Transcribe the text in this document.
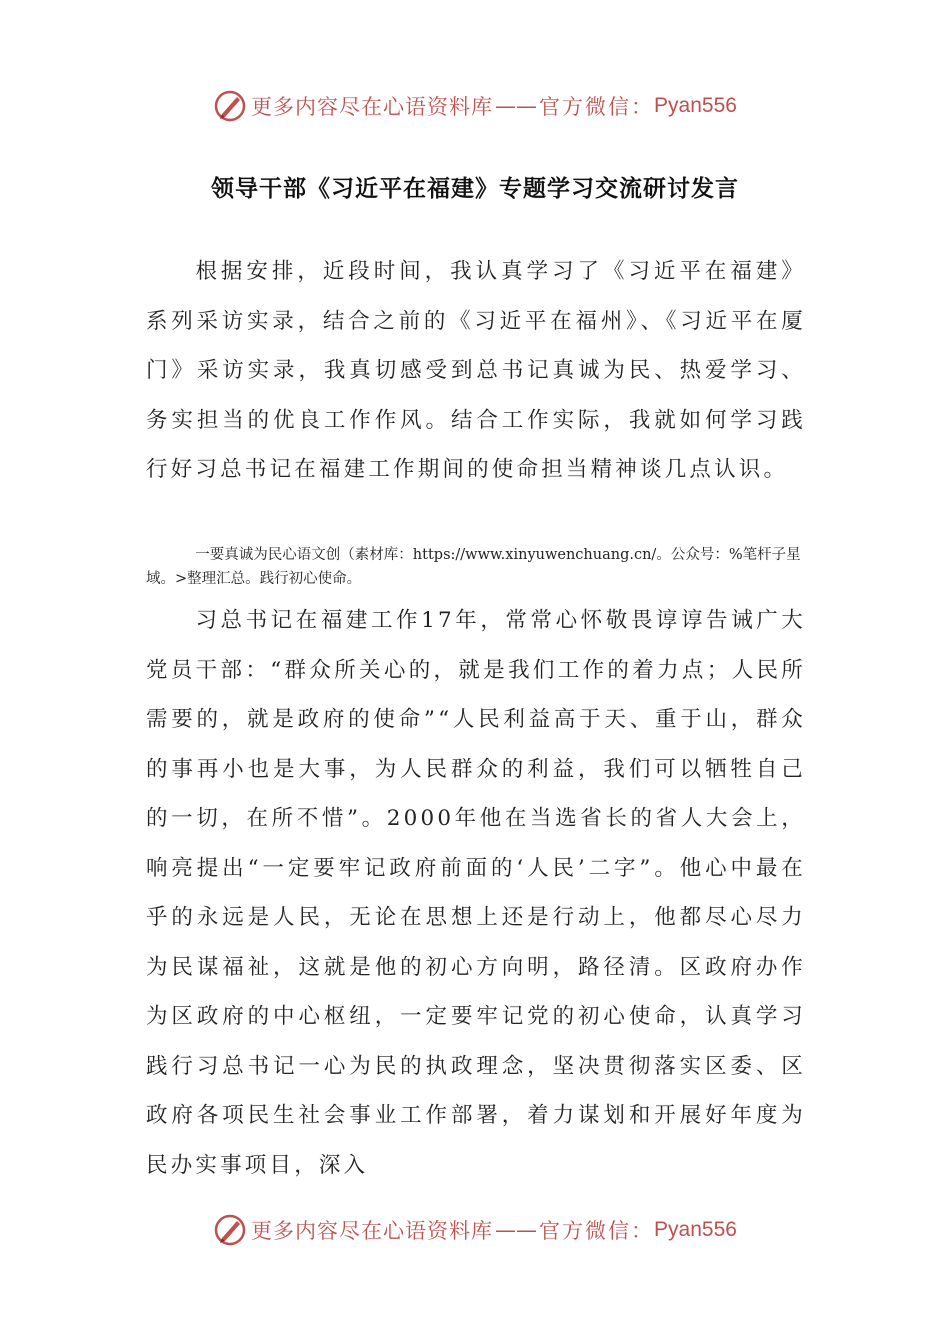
更多内容尽在心语资料库 —— 官方微信： Pyan556
领导干部《习近平在福建》专题学习交流研讨发言

根据安排，近段时间，我认真学习了《习近平在福建》系列采访实录，结合之前的《习近平在福州》、《习近平在厦门》采访实录，我真切感受到总书记真诚为民、热爱学习、务实担当的优良工作作风。结合工作实际，我就如何学习践行好习总书记在福建工作期间的使命担当精神谈几点认识。

一要真诚为民心语文创（素材库：https://www.xinyuwenchuang.cn/。公众号：%笔杆子星域。>整理汇总。践行初心使命。

习总书记在福建工作17年，常常心怀敬畏谆谆告诫广大党员干部：“群众所关心的，就是我们工作的着力点；人民所需要的，就是政府的使命”“人民利益高于天、重于山，群众的事再小也是大事，为人民群众的利益，我们可以牺牲自己的一切，在所不惜”。2000年他在当选省长的省人大会上，响亮提出“一定要牢记政府前面的‘人民’二字”。他心中最在乎的永远是人民，无论在思想上还是行动上，他都尽心尽力为民谋福祉，这就是他的初心方向明，路径清。区政府办作为区政府的中心枢纽，一定要牢记党的初心使命，认真学习践行习总书记一心为民的执政理念，坚决贯彻落实区委、区政府各项民生社会事业工作部署，着力谋划和开展好年度为民办实事项目，深入

更多内容尽在心语资料库 —— 官方微信： Pyan556
